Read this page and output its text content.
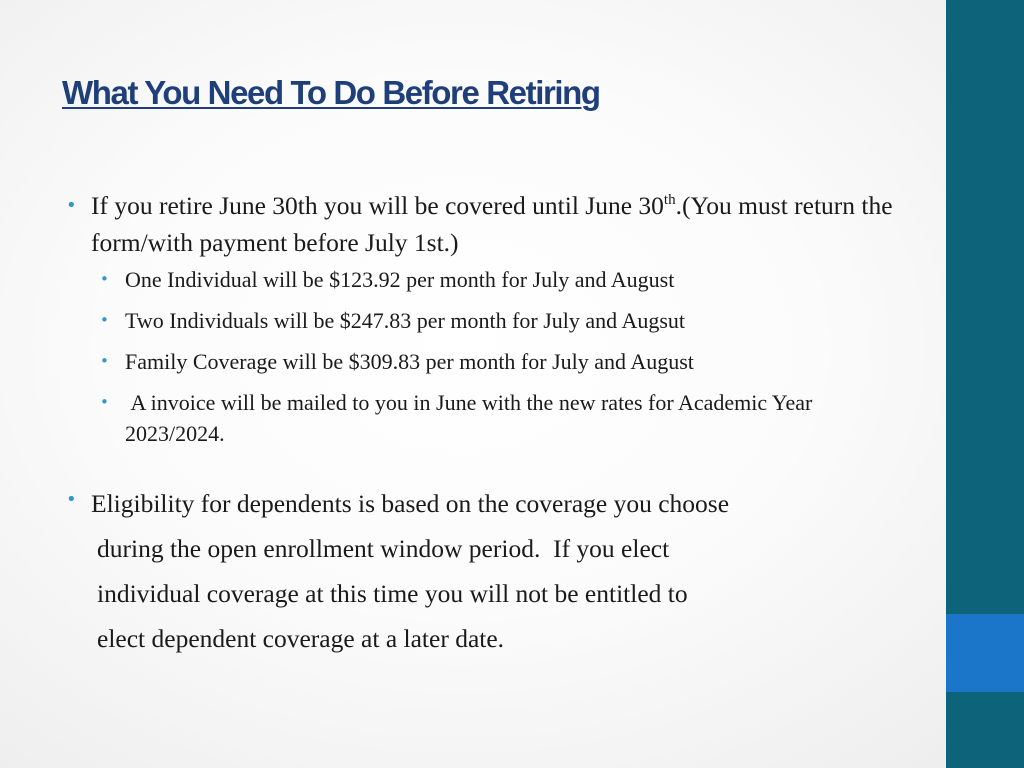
What You Need To Do Before Retiring
• If you retire June 30th you will be covered until June 30th.(You must return the form/with payment before July 1st.)
• One Individual will be $123.92 per month for July and August
• Two Individuals will be $247.83 per month for July and Augsut
• Family Coverage will be $309.83 per month for July and August
• A invoice will be mailed to you in June with the new rates for Academic Year 2023/2024.
• Eligibility for dependents is based on the coverage you choose
during the open enrollment window period.  If you elect
individual coverage at this time you will not be entitled to
elect dependent coverage at a later date.
